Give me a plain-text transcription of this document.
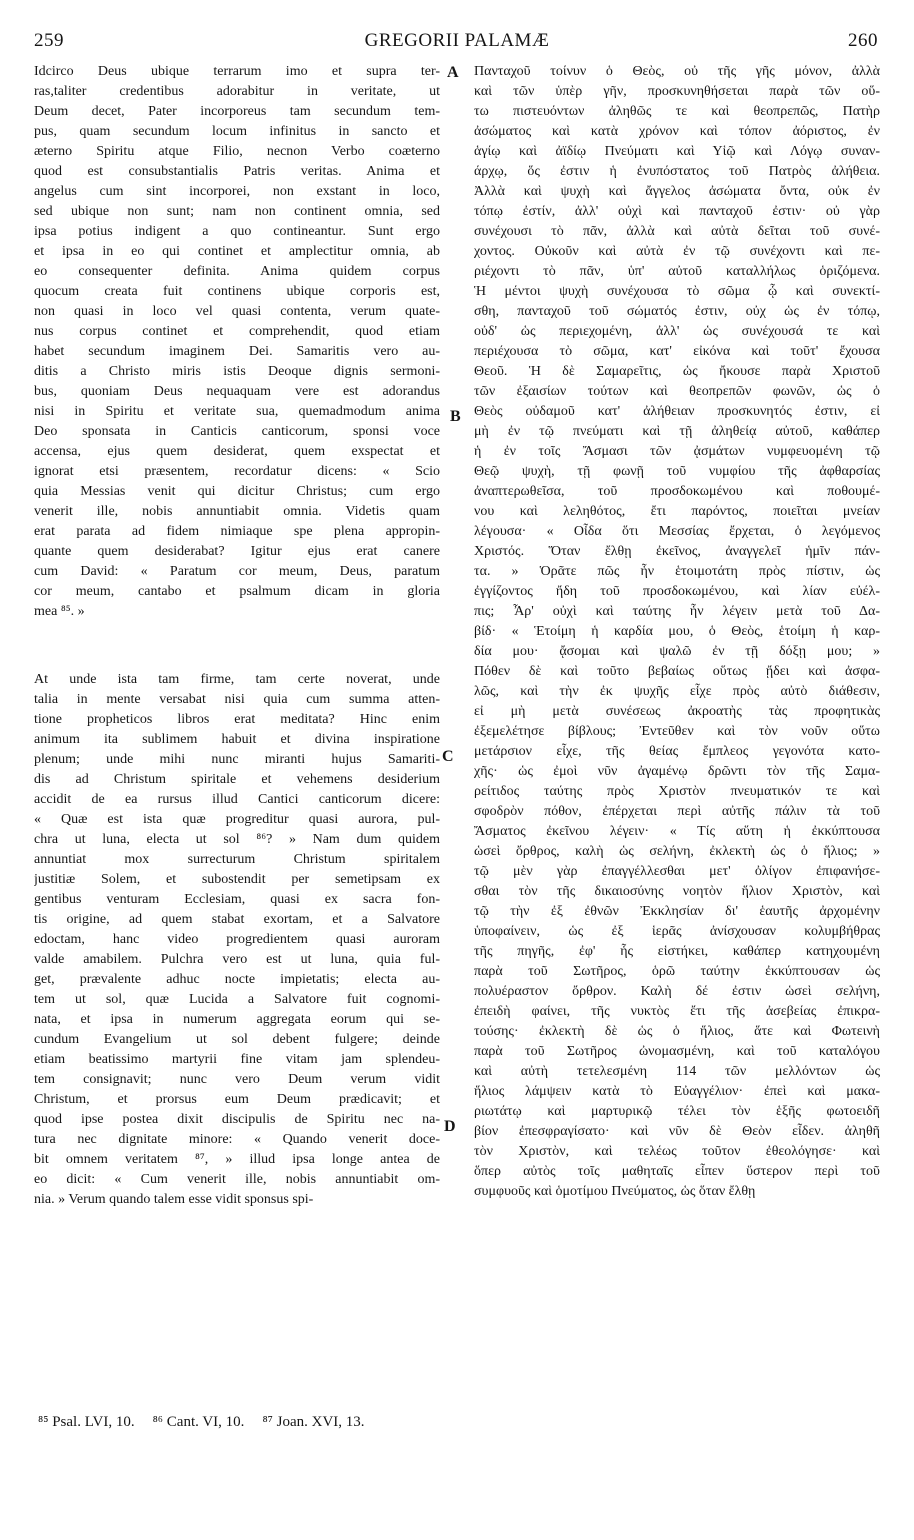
259	GREGORII PALAMÆ	260
Idcirco Deus ubique terrarum imo et supra ter-
ras,taliter credentibus adorabitur in veritate, ut
Deum decet, Pater incorporeus tam secundum tem-
pus, quam secundum locum infinitus in sancto et
æterno Spiritu atque Filio, necnon Verbo coæterno
quod est consubstantialis Patris veritas. Anima et
angelus cum sint incorporei, non exstant in loco,
sed ubique non sunt; nam non continent omnia, sed
ipsa potius indigent a quo contineantur. Sunt ergo
et ipsa in eo qui continet et amplectitur omnia, ab
eo consequenter definita. Anima quidem corpus
quocum creata fuit continens ubique corporis est,
non quasi in loco vel quasi contenta, verum quate-
nus corpus continet et comprehendit, quod etiam
habet secundum imaginem Dei. Samaritis vero au-
ditis a Christo miris istis Deoque dignis sermoni-
bus, quoniam Deus nequaquam vere est adorandus
nisi in Spiritu et veritate sua, quemadmodum anima
Deo sponsata in Canticis canticorum, sponsi voce
accensa, ejus quem desiderat, quem exspectat et
ignorat etsi præsentem, recordatur dicens: « Scio
quia Messias venit qui dicitur Christus; cum ergo
venerit ille, nobis annuntiabit omnia. Videtis quam
erat parata ad fidem nimiaque spe plena appropin-
quante quem desiderabat? Igitur ejus erat canere
cum David: « Paratum cor meum, Deus, paratum
cor meum, cantabo et psalmum dicam in gloria
mea ⁸⁵. »
At unde ista tam firme, tam certe noverat, unde
talia in mente versabat nisi quia cum summa atten-
tione propheticos libros erat meditata? Hinc enim
animum ita sublimem habuit et divina inspiratione
plenum; unde mihi nunc miranti hujus Samariti-
dis ad Christum spiritale et vehemens desiderium
accidit de ea rursus illud Cantici canticorum dicere:
« Quæ est ista quæ progreditur quasi aurora, pul-
chra ut luna, electa ut sol ⁸⁶? » Nam dum quidem
annuntiat mox surrecturum Christum spiritalem
justitiæ Solem, et subostendit per semetipsam ex
gentibus venturam Ecclesiam, quasi ex sacra fon-
tis origine, ad quem stabat exortam, et a Salvatore
edoctam, hanc video progredientem quasi auroram
valde amabilem. Pulchra vero est ut luna, quia ful-
get, prævalente adhuc nocte impietatis; electa au-
tem ut sol, quæ Lucida a Salvatore fuit cognomi-
nata, et ipsa in numerum aggregata eorum qui se-
cundum Evangelium ut sol debent fulgere; deinde
etiam beatissimo martyrii fine vitam jam splendeu-
tem consignavit; nunc vero Deum verum vidit
Christum, et prorsus eum Deum prædicavit; et
quod ipse postea dixit discipulis de Spiritu nec na-
tura nec dignitate minore: « Quando venerit doce-
bit omnem veritatem ⁸⁷, » illud ipsa longe antea de
eo dicit: « Cum venerit ille, nobis annuntiabit om-
nia. » Verum quando talem esse vidit sponsus spi-
Πανταχοῦ τοίνυν ὁ Θεὸς, οὐ τῆς γῆς μόνον, ἀλλὰ
καὶ τῶν ὑπὲρ γῆν, προσκυνηθήσεται παρὰ τῶν οὕ-
τω πιστευόντων ἀληθῶς τε καὶ θεοπρεπῶς, Πατὴρ
ἀσώματος καὶ κατὰ χρόνον καὶ τόπον ἀόριστος, ἐν
ἁγίῳ καὶ ἀϊδίῳ Πνεύματι καὶ Υἱῷ καὶ Λόγῳ συναν-
άρχῳ, ὅς ἐστιν ἡ ἐνυπόστατος τοῦ Πατρὸς ἀλήθεια.
Ἀλλὰ καὶ ψυχὴ καὶ ἄγγελος ἀσώματα ὄντα, οὐκ ἐν
τόπῳ ἐστίν, ἀλλ' οὐχὶ καὶ πανταχοῦ ἐστιν· οὐ γὰρ
συνέχουσι τὸ πᾶν, ἀλλὰ καὶ αὐτὰ δεῖται τοῦ συνέ-
χοντος. Οὐκοῦν καὶ αὐτὰ ἐν τῷ συνέχοντι καὶ πε-
ριέχοντι τὸ πᾶν, ὑπ' αὐτοῦ καταλλήλως ὁριζόμενα.
Ἡ μέντοι ψυχὴ συνέχουσα τὸ σῶμα ᾧ καὶ συνεκτί-
σθη, πανταχοῦ τοῦ σώματός ἐστιν, οὐχ ὡς ἐν τόπῳ,
οὐδ' ὡς περιεχομένη, ἀλλ' ὡς συνέχουσά τε καὶ
περιέχουσα τὸ σῶμα, κατ' εἰκόνα καὶ τοῦτ' ἔχουσα
Θεοῦ. Ἡ δὲ Σαμαρεῖτις, ὡς ἤκουσε παρὰ Χριστοῦ
τῶν ἐξαισίων τούτων καὶ θεοπρεπῶν φωνῶν, ὡς ὁ
Θεὸς οὐδαμοῦ κατ' ἀλήθειαν προσκυνητός ἐστιν, εἰ
μὴ ἐν τῷ πνεύματι καὶ τῇ ἀληθείᾳ αὐτοῦ, καθάπερ
ἡ ἐν τοῖς Ἄσμασι τῶν ᾀσμάτων νυμφευομένη τῷ
Θεῷ ψυχὴ, τῇ φωνῇ τοῦ νυμφίου τῆς ἀφθαρσίας
ἀναπτερωθεῖσα, τοῦ προσδοκωμένου καὶ ποθουμέ-
νου καὶ λεληθότος, ἔτι παρόντος, ποιεῖται μνείαν
λέγουσα· « Οἶδα ὅτι Μεσσίας ἔρχεται, ὁ λεγόμενος
Χριστός. Ὅταν ἔλθῃ ἐκεῖνος, ἀναγγελεῖ ἡμῖν πάν-
τα. » Ὁρᾶτε πῶς ἦν ἑτοιμοτάτη πρὸς πίστιν, ὡς
ἐγγίζοντος ἤδη τοῦ προσδοκωμένου, καὶ λίαν εὐέλ-
πις; Ἆρ' οὐχὶ καὶ ταύτης ἦν λέγειν μετὰ τοῦ Δα-
βίδ· « Ἑτοίμη ἡ καρδία μου, ὁ Θεὸς, ἑτοίμη ἡ καρ-
δία μου· ᾄσομαι καὶ ψαλῶ ἐν τῇ δόξῃ μου; »
Πόθεν δὲ καὶ τοῦτο βεβαίως οὕτως ᾔδει καὶ ἀσφα-
λῶς, καὶ τὴν ἐκ ψυχῆς εἶχε πρὸς αὐτὸ διάθεσιν,
εἰ μὴ μετὰ συνέσεως ἀκροατὴς τὰς προφητικὰς
ἐξεμελέτησε βίβλους; Ἐντεῦθεν καὶ τὸν νοῦν οὕτω
μετάρσιον εἶχε, τῆς θείας ἔμπλεος γεγονότα κατο-
χῆς· ὡς ἐμοὶ νῦν ἀγαμένῳ δρῶντι τὸν τῆς Σαμα-
ρείτιδος ταύτης πρὸς Χριστὸν πνευματικόν τε καὶ
σφοδρὸν πόθον, ἐπέρχεται περὶ αὐτῆς πάλιν τὰ τοῦ
Ἄσματος ἐκεῖνου λέγειν· « Τίς αὕτη ἡ ἐκκύπτουσα
ὡσεὶ ὄρθρος, καλὴ ὡς σελήνη, ἐκλεκτὴ ὡς ὁ ἥλιος; »
τῷ μὲν γὰρ ἐπαγγέλλεσθαι μετ' ὀλίγον ἐπιφανήσε-
σθαι τὸν τῆς δικαιοσύνης νοητὸν ἥλιον Χριστὸν, καὶ
τῷ τὴν ἐξ ἐθνῶν Ἐκκλησίαν δι' ἑαυτῆς ἀρχομένην
ὑποφαίνειν, ὡς ἐξ ἱερᾶς ἀνίσχουσαν κολυμβήθρας
τῆς πηγῆς, ἐφ' ἧς εἱστήκει, καθάπερ κατηχουμένη
παρὰ τοῦ Σωτῆρος, ὁρῶ ταύτην ἐκκύπτουσαν ὡς
πολυέραστον ὄρθρον. Καλὴ δέ ἐστιν ὡσεὶ σελήνη,
ἐπειδὴ φαίνει, τῆς νυκτὸς ἔτι τῆς ἀσεβείας ἐπικρα-
τούσης· ἐκλεκτὴ δὲ ὡς ὁ ἥλιος, ἅτε καὶ Φωτεινὴ
παρὰ τοῦ Σωτῆρος ὠνομασμένη, καὶ τοῦ καταλόγου
καὶ αὐτὴ τετελεσμένη 114 τῶν μελλόντων ὡς
ἥλιος λάμψειν κατὰ τὸ Εὐαγγέλιον· ἐπεὶ καὶ μακα-
ριωτάτῳ καὶ μαρτυρικῷ τέλει τὸν ἑξῆς φωτοειδῆ
βίον ἐπεσφραγίσατο· καὶ νῦν δὲ Θεὸν εἶδεν. ἀληθῆ
τὸν Χριστὸν, καὶ τελέως τοῦτον ἐθεολόγησε· καὶ
ὅπερ αὐτὸς τοῖς μαθηταῖς εἶπεν ὕστερον περὶ τοῦ
συμφυοῦς καὶ ὁμοτίμου Πνεύματος, ὡς ὅταν ἔλθῃ
A
B
C
D
⁸⁵ Psal. LVI, 10. ⁸⁶ Cant. VI, 10. ⁸⁷ Joan. XVI, 13.
